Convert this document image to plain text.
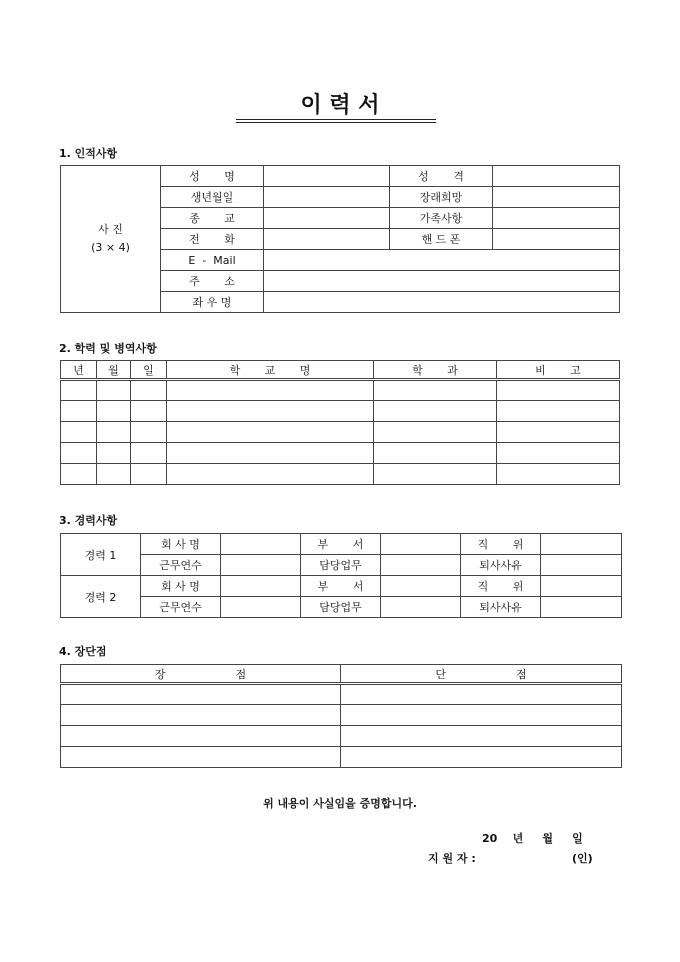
이 력 서
1. 인적사항
사 진
(3 × 4)	성       명		성       격	
	생년월일		장래희망	
	종       교		가족사항	
	전       화		핸 드 폰	
	E  -  Mail			
	주       소			
	좌 우 명			
2. 학력 및 병역사항
년	월	일	학       교       명	학       과	비       고

3. 경력사항
경력 1	회 사 명		부       서		직       위	
	근무연수		담당업무		퇴사사유	
경력 2	회 사 명		부       서		직       위	
	근무연수		담당업무		퇴사사유	
4. 장단점
장                    점	단                    점

위 내용이 사실임을 증명합니다.
20    년     월     일
지 원 자 :	(인)
